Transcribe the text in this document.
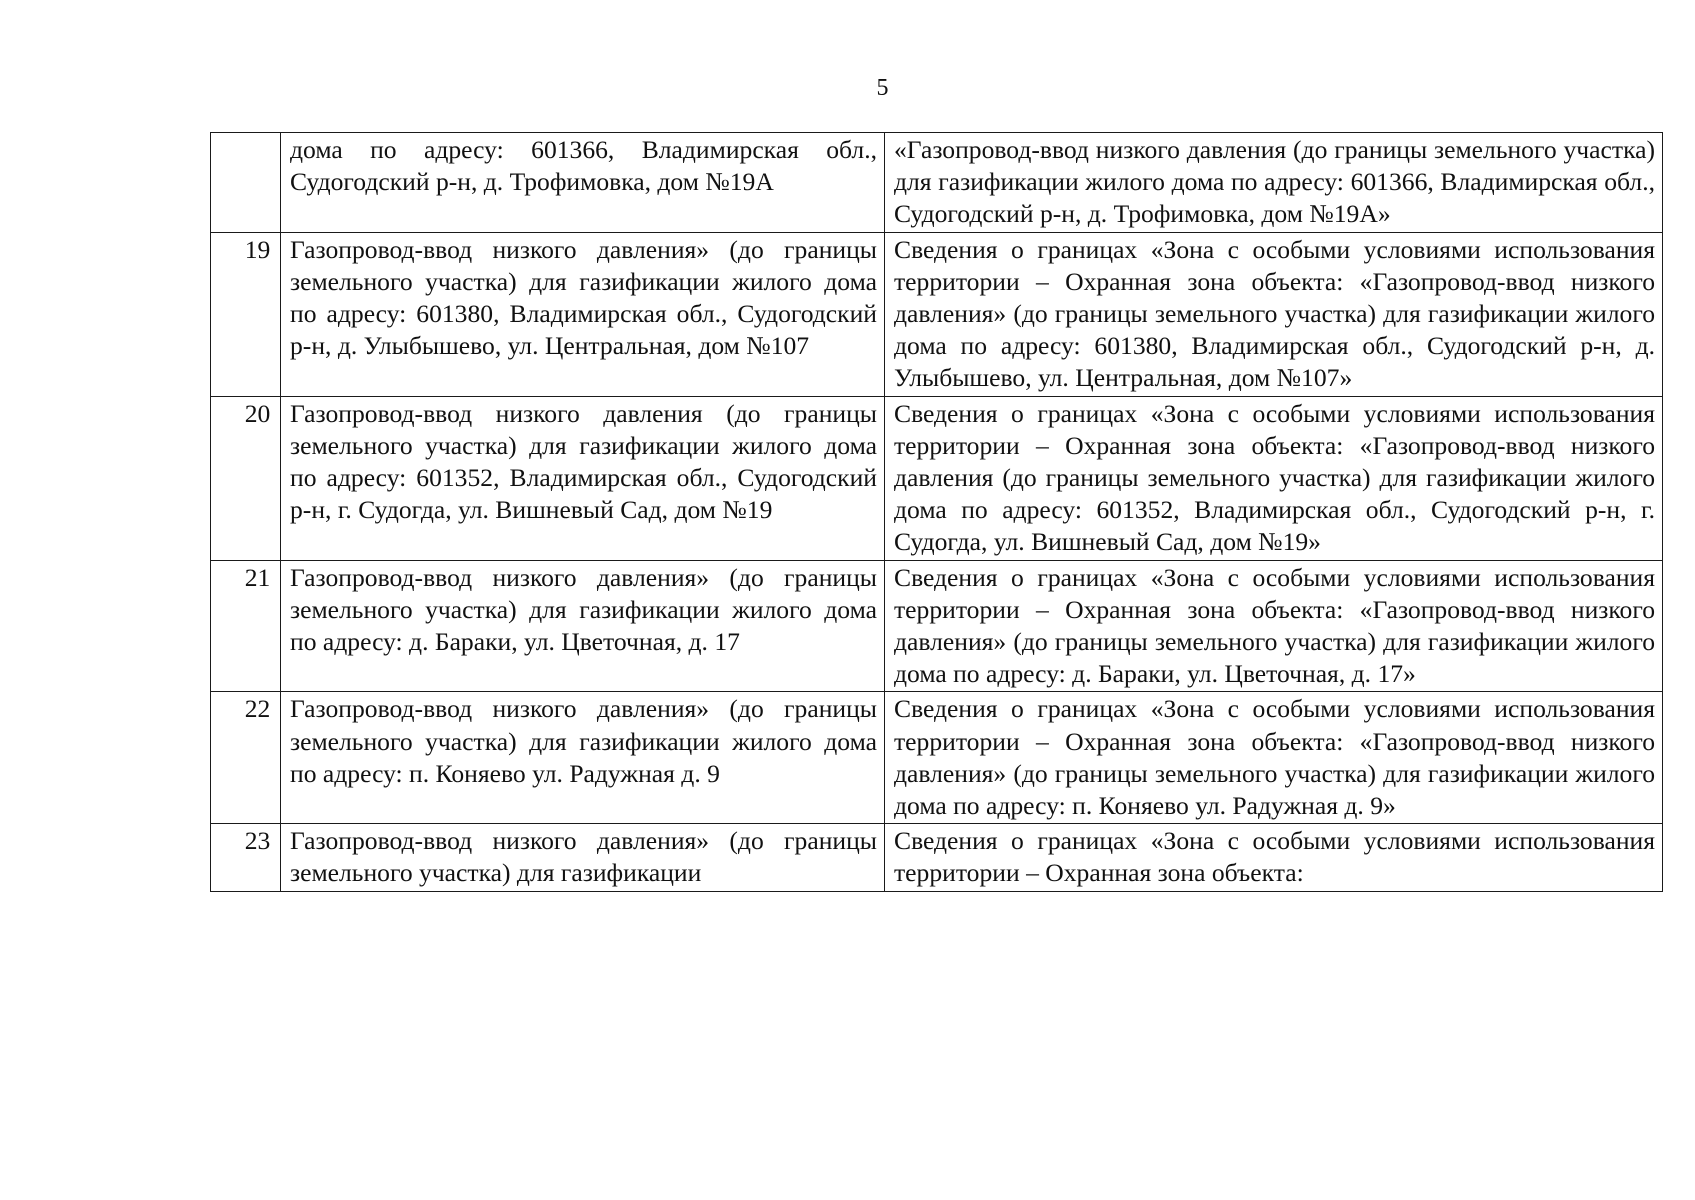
5
	дома по адресу: 601366, Владимирская обл., Судогодский р-н, д. Трофимовка, дом №19А	«Газопровод-ввод низкого давления (до границы земельного участка) для газификации жилого дома по адресу: 601366, Владимирская обл., Судогодский р-н, д. Трофимовка, дом №19А»
19	Газопровод-ввод низкого давления» (до границы земельного участка) для газификации жилого дома по адресу: 601380, Владимирская обл., Судогодский р-н, д. Улыбышево, ул. Центральная, дом №107	Сведения о границах «Зона с особыми условиями использования территории – Охранная зона объекта: «Газопровод-ввод низкого давления» (до границы земельного участка) для газификации жилого дома по адресу: 601380, Владимирская обл., Судогодский р-н, д. Улыбышево, ул. Центральная, дом №107»
20	Газопровод-ввод низкого давления (до границы земельного участка) для газификации жилого дома по адресу: 601352, Владимирская обл., Судогодский р-н, г. Судогда, ул. Вишневый Сад, дом №19	Сведения о границах «Зона с особыми условиями использования территории – Охранная зона объекта: «Газопровод-ввод низкого давления (до границы земельного участка) для газификации жилого дома по адресу: 601352, Владимирская обл., Судогодский р-н, г. Судогда, ул. Вишневый Сад, дом №19»
21	Газопровод-ввод низкого давления» (до границы земельного участка) для газификации жилого дома по адресу: д. Бараки, ул. Цветочная, д. 17	Сведения о границах «Зона с особыми условиями использования территории – Охранная зона объекта: «Газопровод-ввод низкого давления» (до границы земельного участка) для газификации жилого дома по адресу: д. Бараки, ул. Цветочная, д. 17»
22	Газопровод-ввод низкого давления» (до границы земельного участка) для газификации жилого дома по адресу: п. Коняево ул. Радужная д. 9	Сведения о границах «Зона с особыми условиями использования территории – Охранная зона объекта: «Газопровод-ввод низкого давления» (до границы земельного участка) для газификации жилого дома по адресу: п. Коняево ул. Радужная д. 9»
23	Газопровод-ввод низкого давления» (до границы земельного участка) для газификации	Сведения о границах «Зона с особыми условиями использования территории – Охранная зона объекта:
